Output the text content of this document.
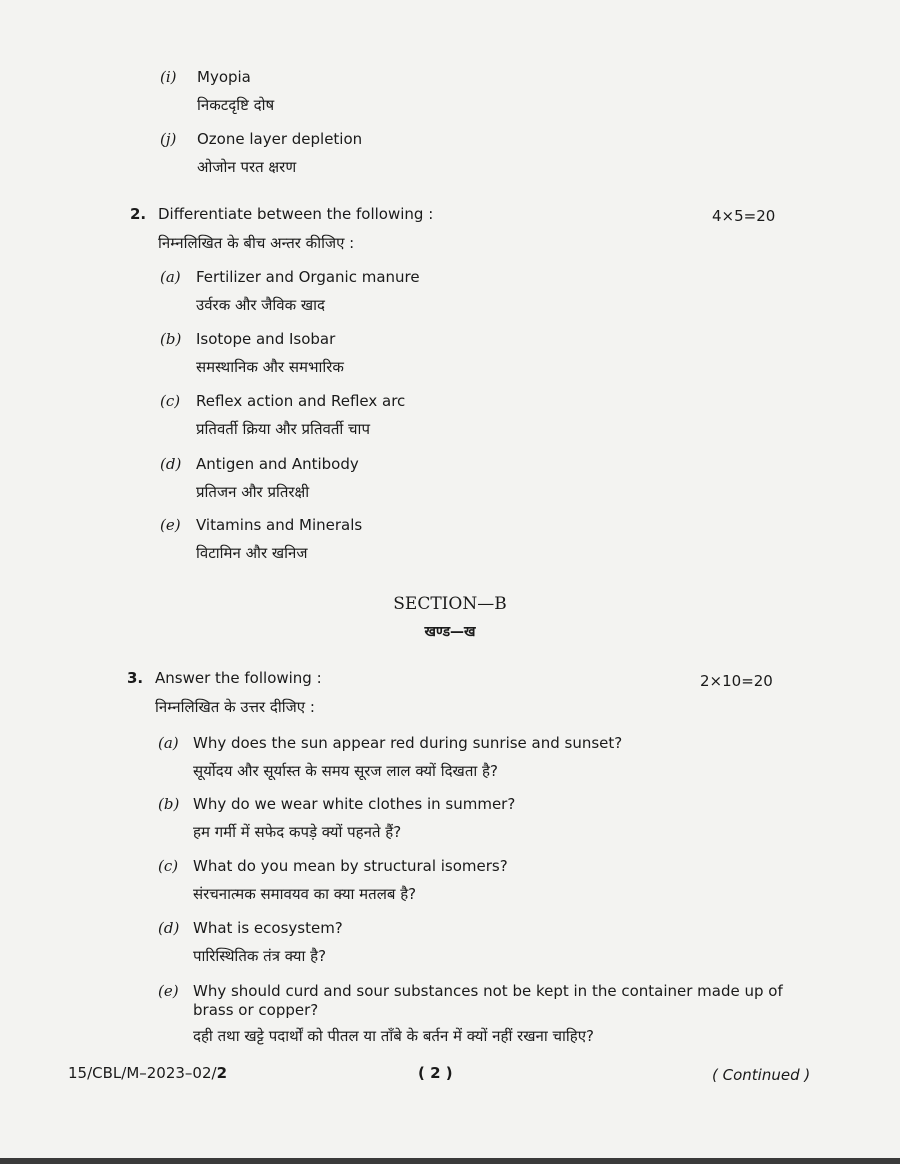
(i) Myopia
निकटदृष्टि दोष
(j) Ozone layer depletion
ओजोन परत क्षरण
2. Differentiate between the following :	4×5=20
निम्नलिखित के बीच अन्तर कीजिए :
(a) Fertilizer and Organic manure
उर्वरक और जैविक खाद
(b) Isotope and Isobar
समस्थानिक और समभारिक
(c) Reflex action and Reflex arc
प्रतिवर्ती क्रिया और प्रतिवर्ती चाप
(d) Antigen and Antibody
प्रतिजन और प्रतिरक्षी
(e) Vitamins and Minerals
विटामिन और खनिज
SECTION—B
खण्ड—ख
3. Answer the following :	2×10=20
निम्नलिखित के उत्तर दीजिए :
(a) Why does the sun appear red during sunrise and sunset?
सूर्योदय और सूर्यास्त के समय सूरज लाल क्यों दिखता है?
(b) Why do we wear white clothes in summer?
हम गर्मी में सफेद कपड़े क्यों पहनते हैं?
(c) What do you mean by structural isomers?
संरचनात्मक समावयव का क्या मतलब है?
(d) What is ecosystem?
पारिस्थितिक तंत्र क्या है?
(e) Why should curd and sour substances not be kept in the container made up of
brass or copper?
दही तथा खट्टे पदार्थों को पीतल या ताँबे के बर्तन में क्यों नहीं रखना चाहिए?
15/CBL/M–2023–02/2	( 2 )	( Continued )
